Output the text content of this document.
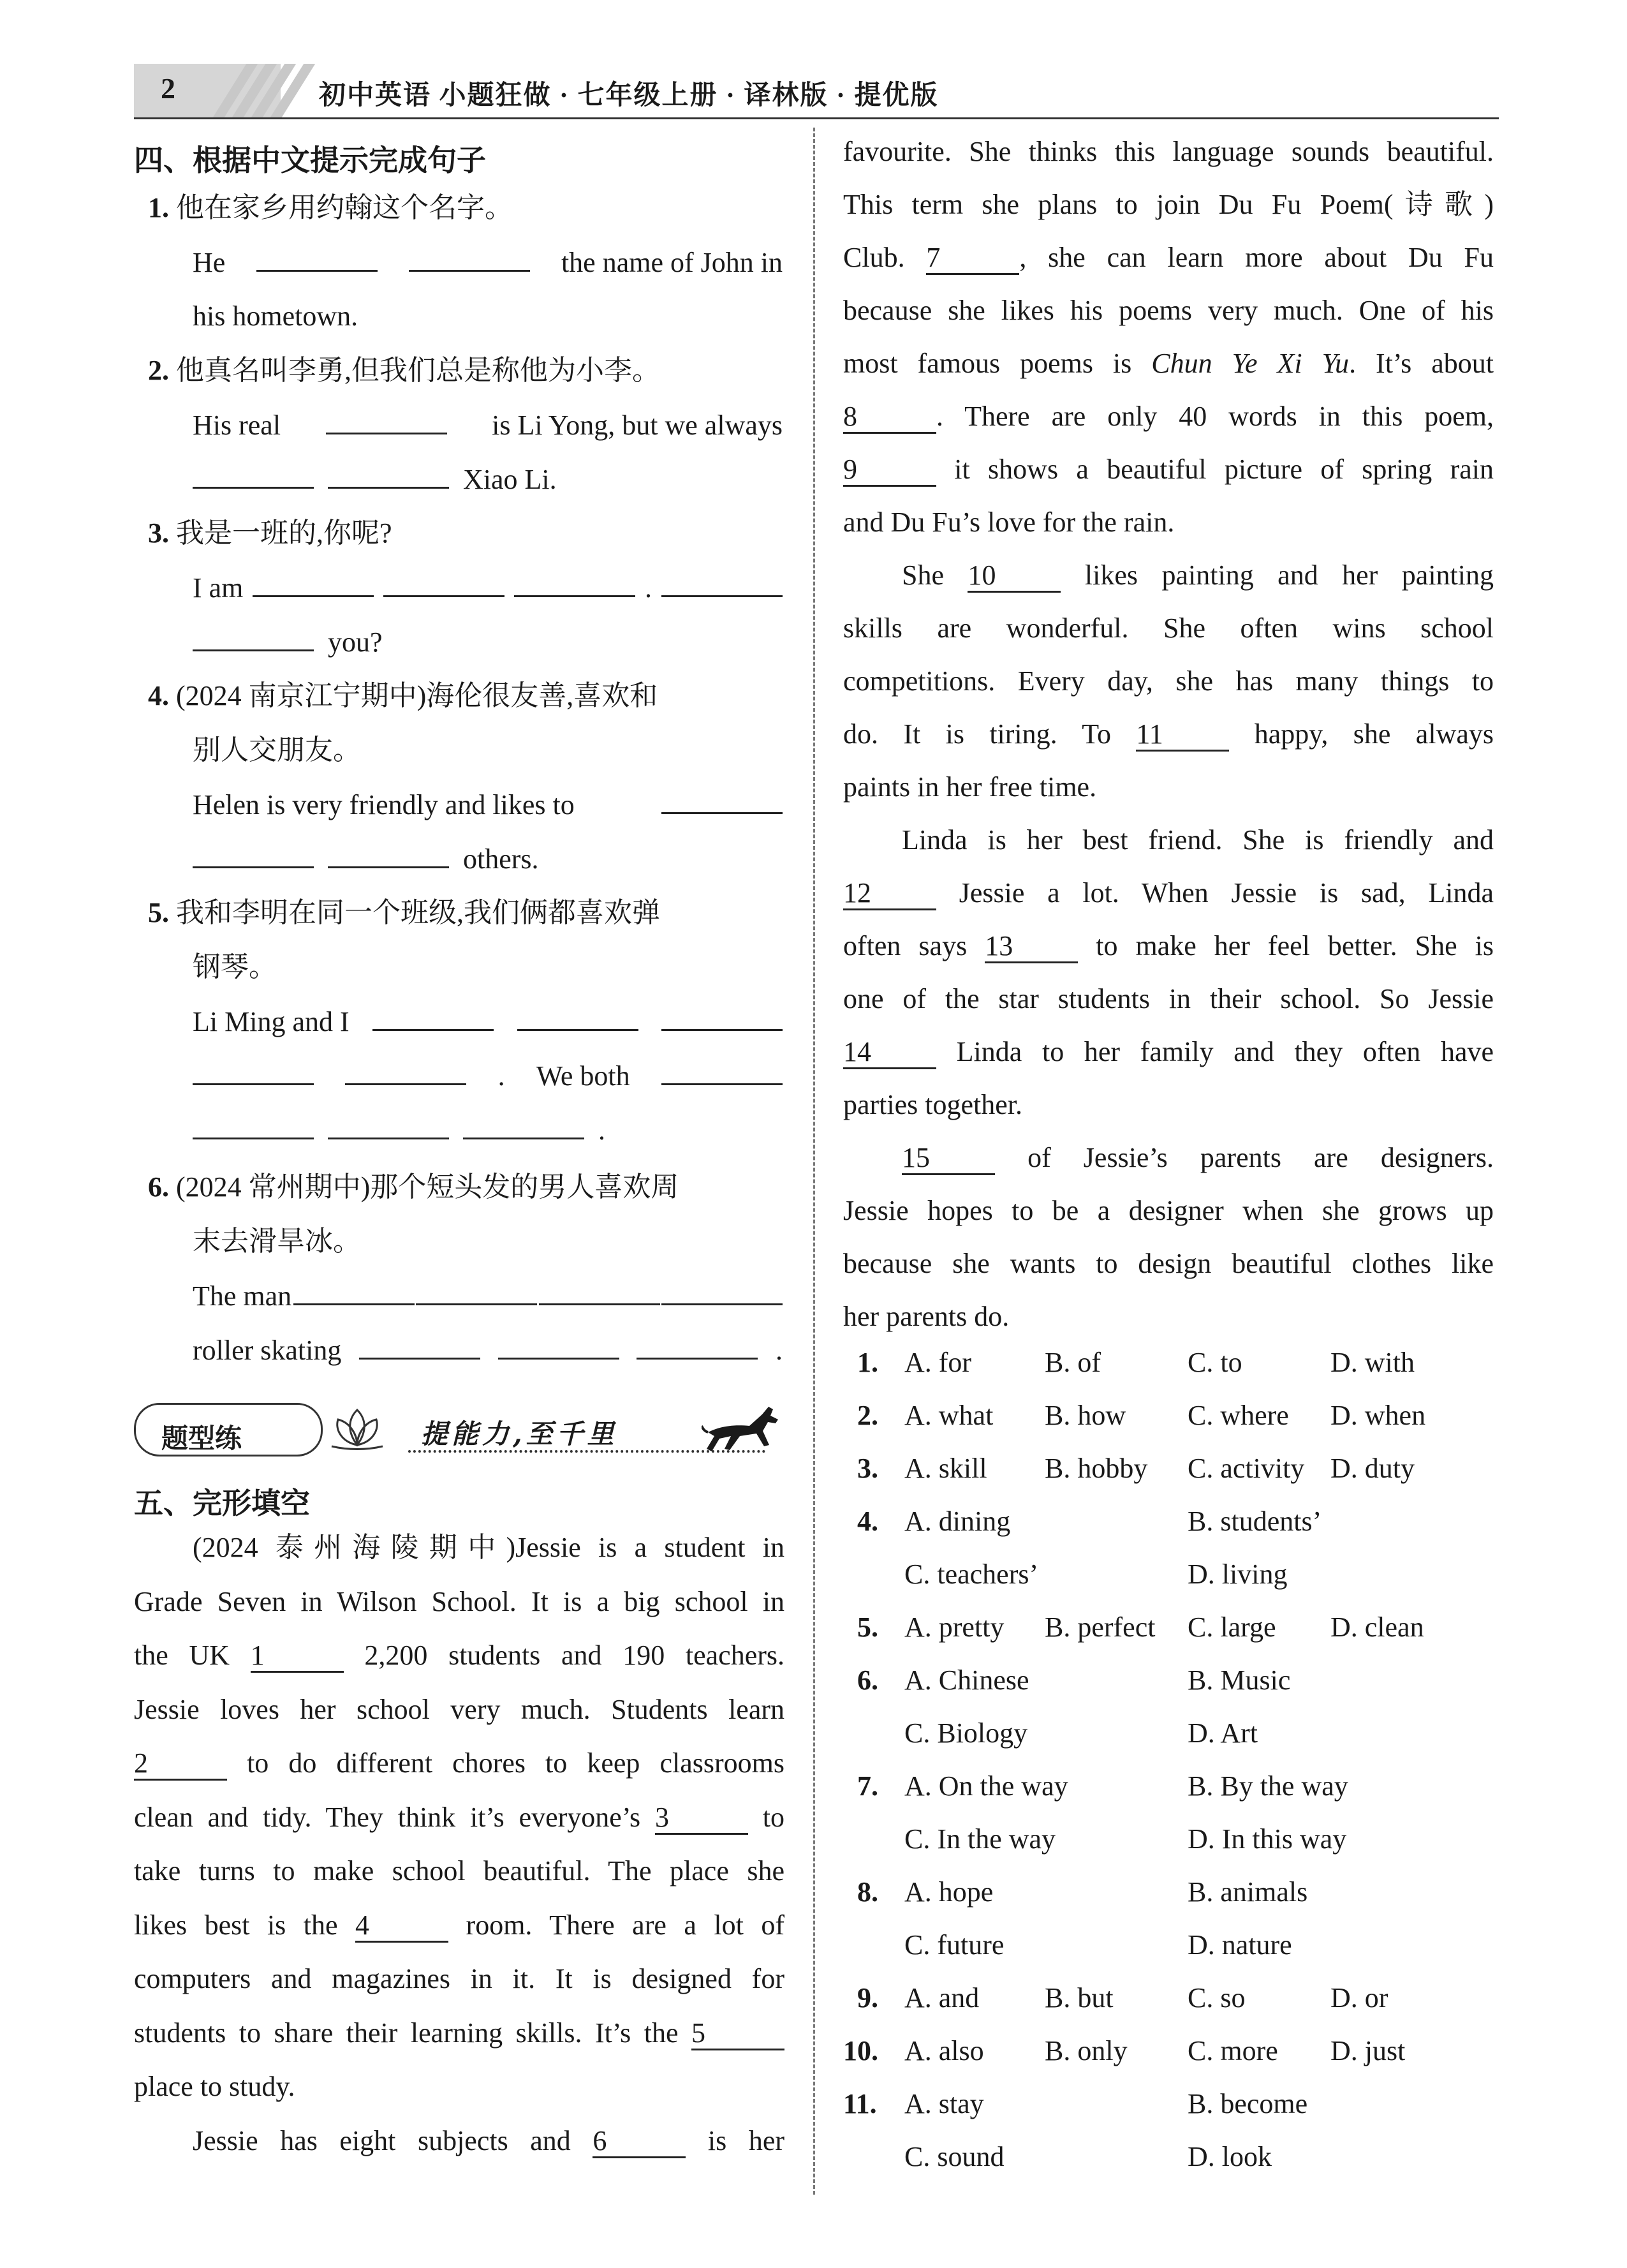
2	初中英语 小题狂做 · 七年级上册 · 译林版 · 提优版
四、根据中文提示完成句子
1. 他在家乡用约翰这个名字。
He	the name of John in
his hometown.
2. 他真名叫李勇,但我们总是称他为小李。
His real	is Li Yong, but we always
Xiao Li.
3. 我是一班的,你呢?
I am	.
you?
4. (2024 南京江宁期中)海伦很友善,喜欢和
别人交朋友。
Helen is very friendly and likes to
others.
5. 我和李明在同一个班级,我们俩都喜欢弹
钢琴。
Li Ming and I
. We both
.
6. (2024 常州期中)那个短头发的男人喜欢周
末去滑旱冰。
The man
roller skating	.
题型练	提能力,至千里
五、完形填空
(2024 泰州海陵期中)Jessie is a student in
Grade Seven in Wilson School. It is a big school in
the UK 1	2,200 students and 190 teachers.
Jessie loves her school very much. Students learn
2	to do different chores to keep classrooms
clean and tidy. They think it’s everyone’s 3	to
take turns to make school beautiful. The place she
likes best is the 4	room. There are a lot of
computers and magazines in it. It is designed for
students to share their learning skills. It’s the 5
place to study.
Jessie has eight subjects and 6	is her
favourite. She thinks this language sounds beautiful.
This term she plans to join Du Fu Poem(诗歌)
Club. 7	, she can learn more about Du Fu
because she likes his poems very much. One of his
most famous poems is Chun Ye Xi Yu. It’s about
8	. There are only 40 words in this poem,
9	it shows a beautiful picture of spring rain
and Du Fu’s love for the rain.
She 10 likes painting and her painting
skills are wonderful. She often wins school
competitions. Every day, she has many things to
do. It is tiring. To 11 happy, she always
paints in her free time.
Linda is her best friend. She is friendly and
12 Jessie a lot. When Jessie is sad, Linda
often says 13 to make her feel better. She is
one of the star students in their school. So Jessie
14 Linda to her family and they often have
parties together.
15 of Jessie’s parents are designers.
Jessie hopes to be a designer when she grows up
because she wants to design beautiful clothes like
her parents do.
1. A. for	B. of	C. to	D. with
2. A. what B. how C. where D. when
3. A. skill B. hobby C. activity D. duty
4. A. dining	B. students’
C. teachers’	D. living
5. A. pretty B. perfect C. large D. clean
6. A. Chinese	B. Music
C. Biology	D. Art
7. A. On the way	B. By the way
C. In the way	D. In this way
8. A. hope	B. animals
C. future	D. nature
9. A. and B. but	C. so	D. or
10. A. also B. only C. more D. just
11. A. stay	B. become
C. sound	D. look
